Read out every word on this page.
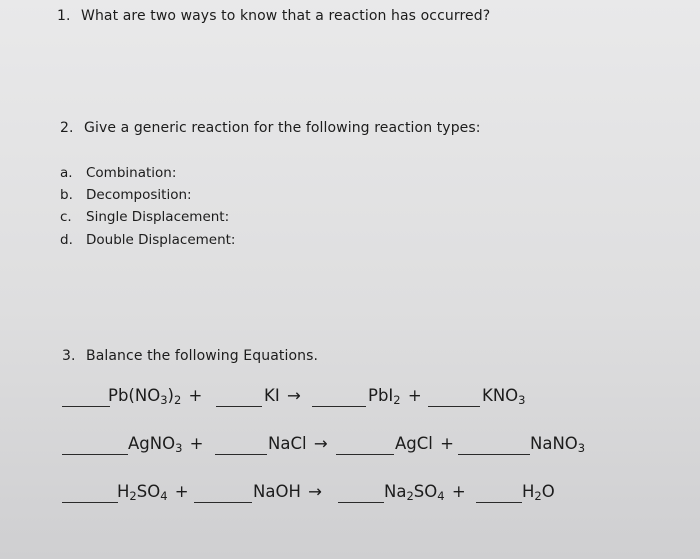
1. What are two ways to know that a reaction has occurred?
2. Give a generic reaction for the following reaction types:
a. Combination:
b. Decomposition:
c. Single Displacement:
d. Double Displacement:
3. Balance the following Equations.
$Pb(NO_3)_2$ +	KI →	PbI$_2$ +	$KNO_3$
AgNO$_3$ +	NaCl →	AgCl +	NaNO$_3$
$H_2SO_4$ +	NaOH →	$Na_2SO_4$ +	$H_2O$
